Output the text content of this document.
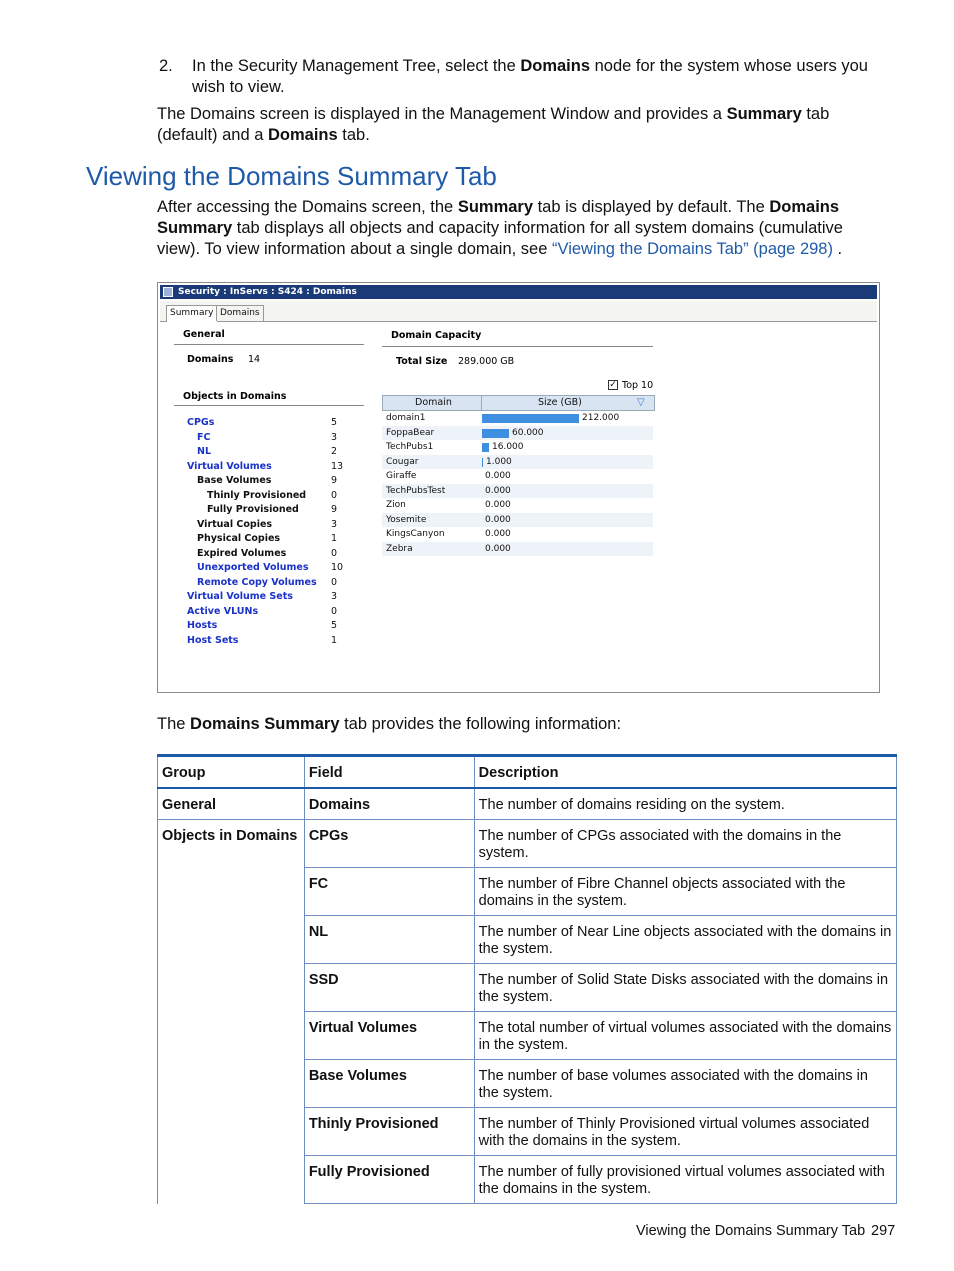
2. In the Security Management Tree, select the Domains node for the system whose users you wish to view.
The Domains screen is displayed in the Management Window and provides a Summary tab (default) and a Domains tab.
Viewing the Domains Summary Tab
After accessing the Domains screen, the Summary tab is displayed by default. The Domains Summary tab displays all objects and capacity information for all system domains (cumulative view). To view information about a single domain, see “Viewing the Domains Tab” (page 298) .
Security : InServs : S424 : Domains
Summary Domains
General
Domains 14
Objects in Domains
CPGs	5
FC	3
NL	2
Virtual Volumes	13
Base Volumes	9
Thinly Provisioned	0
Fully Provisioned	9
Virtual Copies	3
Physical Copies	1
Expired Volumes	0
Unexported Volumes 10
Remote Copy Volumes 0
Virtual Volume Sets	3
Active VLUNs	0
Hosts	5
Host Sets	1
Domain Capacity
Total Size 289.000 GB
✓ Top 10
Domain	Size (GB)	▽
domain1	212.000
FoppaBear	60.000
TechPubs1	16.000
Cougar	1.000
Giraffe	0.000
TechPubsTest	0.000
Zion	0.000
Yosemite	0.000
KingsCanyon	0.000
Zebra	0.000
The Domains Summary tab provides the following information:
Group	Field	Description
General	Domains	The number of domains residing on the system.
Objects in Domains	CPGs	The number of CPGs associated with the domains in the system.
	FC	The number of Fibre Channel objects associated with the domains in the system.
	NL	The number of Near Line objects associated with the domains in the system.
	SSD	The number of Solid State Disks associated with the domains in the system.
	Virtual Volumes	The total number of virtual volumes associated with the domains in the system.
	Base Volumes	The number of base volumes associated with the domains in the system.
	Thinly Provisioned	The number of Thinly Provisioned virtual volumes associated with the domains in the system.
	Fully Provisioned	The number of fully provisioned virtual volumes associated with the domains in the system.
Viewing the Domains Summary Tab 297
